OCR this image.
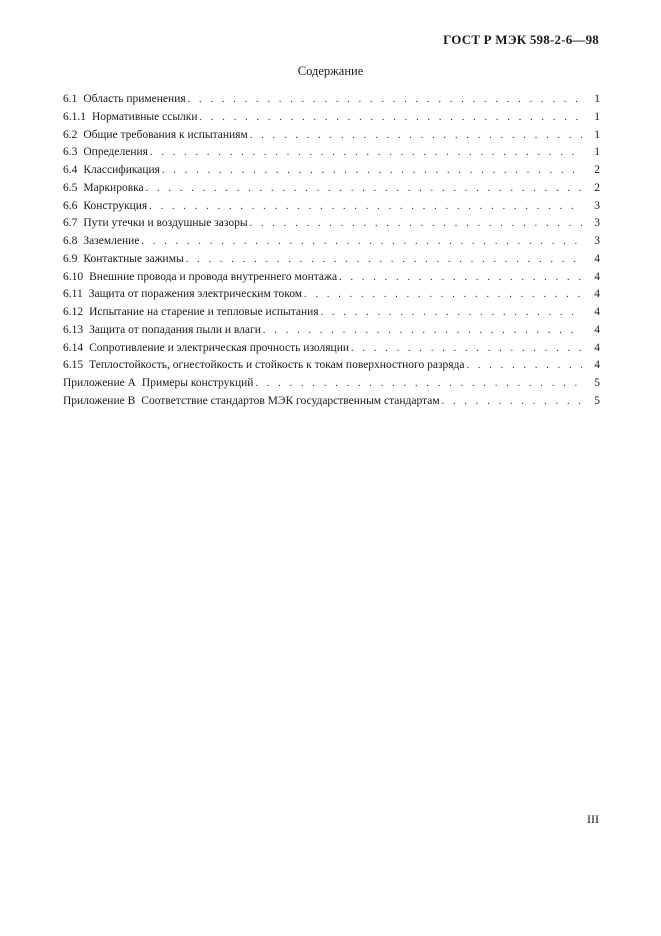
ГОСТ Р МЭК 598-2-6—98
Содержание
6.1 Область применения . . .	1
6.1.1 Нормативные ссылки . . .	1
6.2 Общие требования к испытаниям . . .	1
6.3 Определения . . .	1
6.4 Классификация . . .	2
6.5 Маркировка . . .	2
6.6 Конструкция . . .	3
6.7 Пути утечки и воздушные зазоры . . .	3
6.8 Заземление . . .	3
6.9 Контактные зажимы . . .	4
6.10 Внешние провода и провода внутреннего монтажа . . .	4
6.11 Защита от поражения электрическим током . . .	4
6.12 Испытание на старение и тепловые испытания . . .	4
6.13 Защита от попадания пыли и влаги . . .	4
6.14 Сопротивление и электрическая прочность изоляции . . .	4
6.15 Теплостойкость, огнестойкость и стойкость к токам поверхностного разряда . . .	4
Приложение А Примеры конструкций . . .	5
Приложение В Соответствие стандартов МЭК государственным стандартам . . .	5
III
